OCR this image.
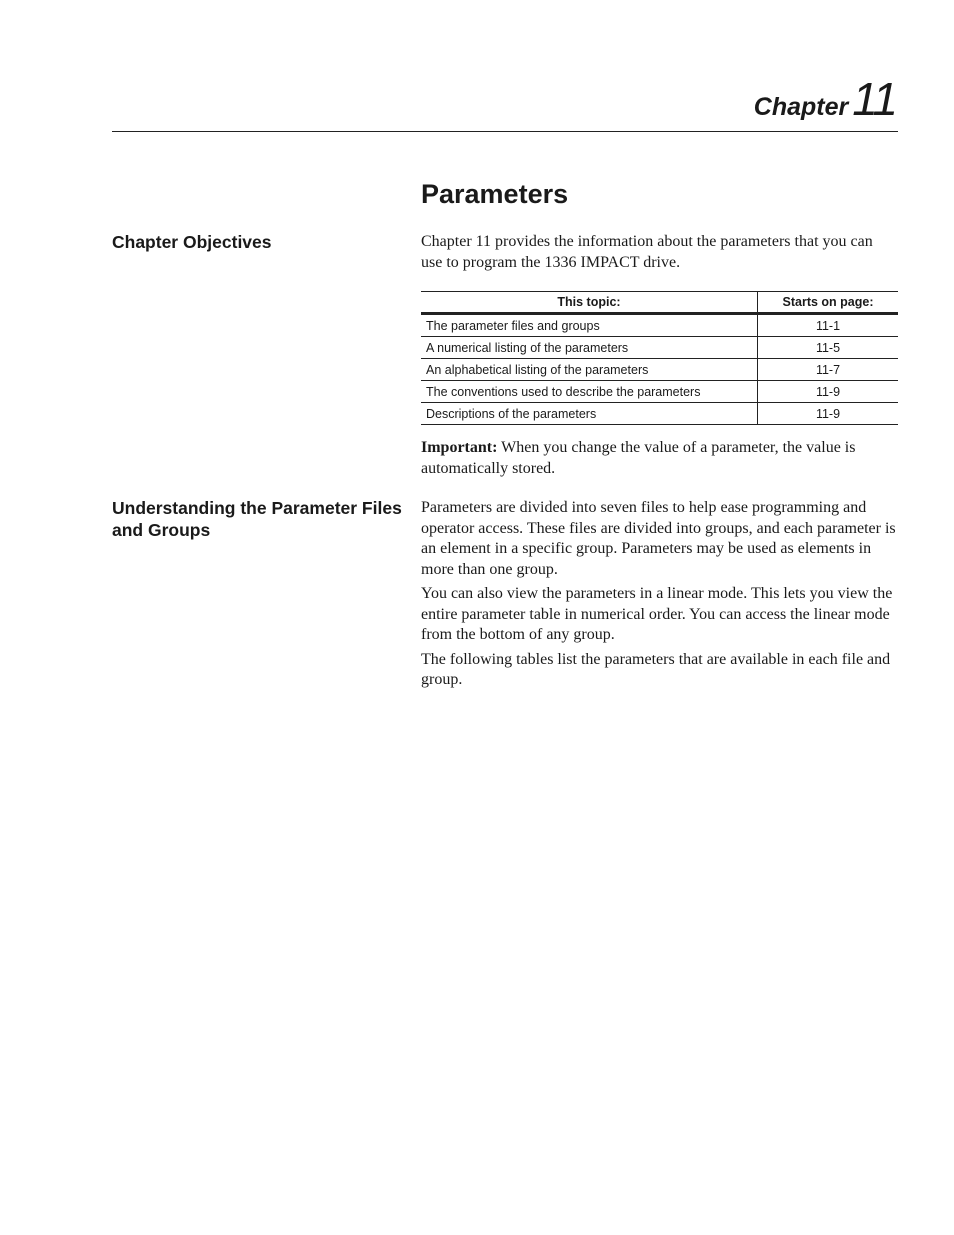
Chapter11
Parameters
Chapter Objectives	Chapter 11 provides the information about the parameters that you can use to program the 1336 IMPACT drive.

This topic:	Starts on page:
The parameter files and groups	11-1
A numerical listing of the parameters	11-5
An alphabetical listing of the parameters	11-7
The conventions used to describe the parameters	11-9
Descriptions of the parameters	11-9

Important: When you change the value of a parameter, the value is automatically stored.

Understanding the Parameter Files and Groups

Parameters are divided into seven files to help ease programming and operator access. These files are divided into groups, and each parameter is an element in a specific group. Parameters may be used as elements in more than one group.

You can also view the parameters in a linear mode. This lets you view the entire parameter table in numerical order. You can access the linear mode from the bottom of any group.

The following tables list the parameters that are available in each file and group.
